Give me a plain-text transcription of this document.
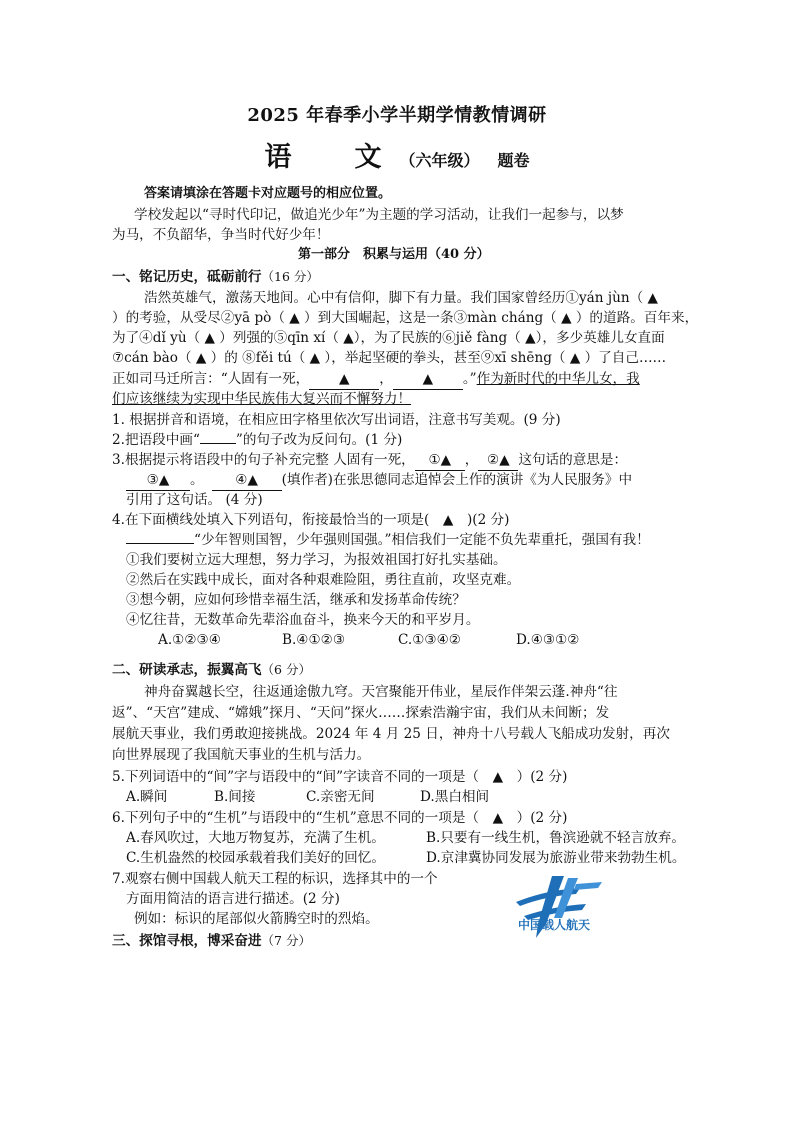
2025 年春季小学半期学情教情调研
语　文（六年级） 题卷
答案请填涂在答题卡对应题号的相应位置。
学校发起以“寻时代印记，做追光少年”为主题的学习活动，让我们一起参与，以梦
为马，不负韶华，争当时代好少年！
第一部分　积累与运用（40 分）
一、铭记历史，砥砺前行（16 分）
浩然英雄气，激荡天地间。心中有信仰，脚下有力量。我们国家曾经历①yán jùn（ ▲
）的考验，从受尽②yā pò（ ▲ ）到大国崛起，这是一条③màn cháng（ ▲ ）的道路。百年来，
为了④dǐ yù（ ▲ ）列强的⑤qīn xí（ ▲），为了民族的⑥jiě fàng（ ▲），多少英雄儿女直面
⑦cán bào（ ▲ ）的 ⑧fěi tú（ ▲ ），举起坚硬的拳头，甚至⑨xī shēng（ ▲ ）了自己……
正如司马迁所言：“人固有一死， ▲ ， ▲ 。”作为新时代的中华儿女，我
们应该继续为实现中华民族伟大复兴而不懈努力！
1. 根据拼音和语境，在相应田字格里依次写出词语，注意书写美观。(9 分)
2.把语段中画“	”的句子改为反问句。(1 分)
3.根据提示将语段中的句子补充完整 人固有一死， ①▲ ， ②▲ 这句话的意思是：
③▲ 。 ④▲ (填作者)在张思德同志追悼会上作的演讲《为人民服务》中
引用了这句话。 (4 分)
4.在下面横线处填入下列语句，衔接最恰当的一项是(　▲　)(2 分)
“少年智则国智，少年强则国强。”相信我们一定能不负先辈重托，强国有我！
①我们要树立远大理想，努力学习，为报效祖国打好扎实基础。
②然后在实践中成长，面对各种艰难险阻，勇往直前，攻坚克难。
③想今朝，应如何珍惜幸福生活，继承和发扬革命传统？
④忆往昔，无数革命先辈浴血奋斗，换来今天的和平岁月。
A.①②③④	B.④①②③	C.①③④②	D.④③①②
二、研读承志，振翼高飞（6 分）
神舟奋翼越长空，往返通途傲九穹。天宫聚能开伟业，星辰作伴架云蓬.神舟“往
返”、“天宫”建成、“嫦娥”探月、“天问”探火……探索浩瀚宇宙，我们从未间断；发
展航天事业，我们勇敢迎接挑战。2024 年 4 月 25 日，神舟十八号载人飞船成功发射，再次
向世界展现了我国航天事业的生机与活力。
5.下列词语中的“间”字与语段中的“间”字读音不同的一项是（　▲　）(2 分)
A.瞬间	B.间接	C.亲密无间	D.黑白相间
6.下列句子中的“生机”与语段中的“生机”意思不同的一项是（　▲　）(2 分)
A.春风吹过，大地万物复苏，充满了生机。	B.只要有一线生机，鲁滨逊就不轻言放弃。
C.生机盎然的校园承载着我们美好的回忆。	D.京津冀协同发展为旅游业带来勃勃生机。
7.观察右侧中国载人航天工程的标识，选择其中的一个
方面用简洁的语言进行描述。(2 分)
例如：标识的尾部似火箭腾空时的烈焰。	中国载人航天
三、探馆寻根，博采奋进（7 分）
